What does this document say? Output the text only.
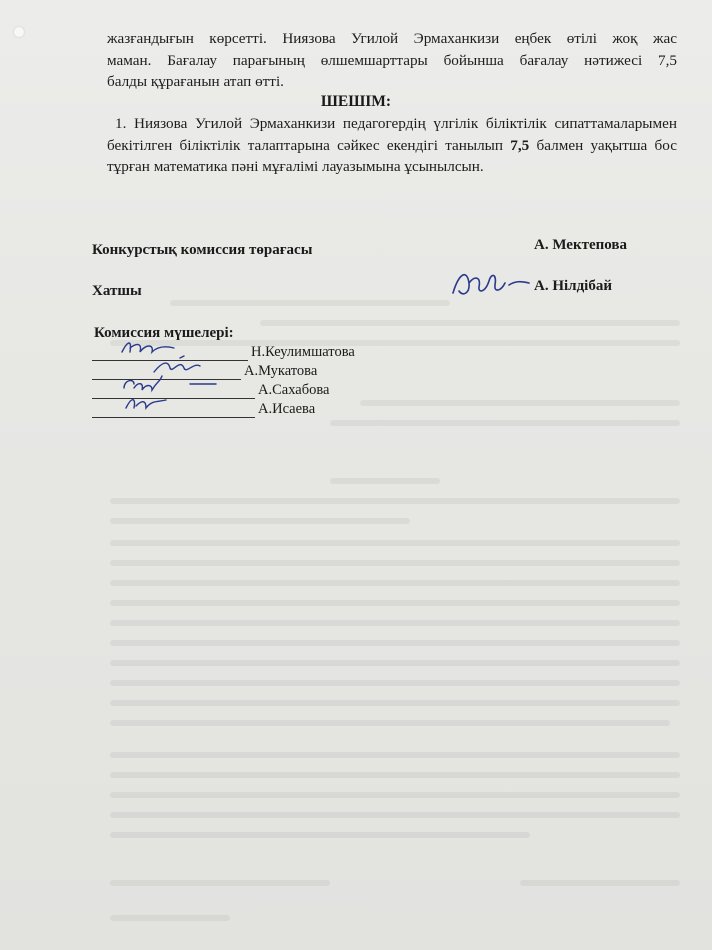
жазғандығын көрсетті. Ниязова Угилой Эрмаханкизи еңбек өтілі жоқ жас
маман. Бағалау парағының өлшемшарттары бойынша бағалау нәтижесі 7,5
балды құрағанын атап өтті.
ШЕШІМ:
1. Ниязова Угилой Эрмаханкизи педагогердің үлгілік біліктілік сипаттамаларымен бекітілген біліктілік талаптарына сәйкес екендігі танылып 7,5 балмен уақытша бос тұрған математика пәні мұғалімі лауазымына ұсынылсын.
Конкурстық комиссия төрағасы	А. Мектепова
Хатшы	А. Нілдібай
Комиссия мүшелері:
Н.Кеулимшатова
А.Мукатова
А.Сахабова
А.Исаева
